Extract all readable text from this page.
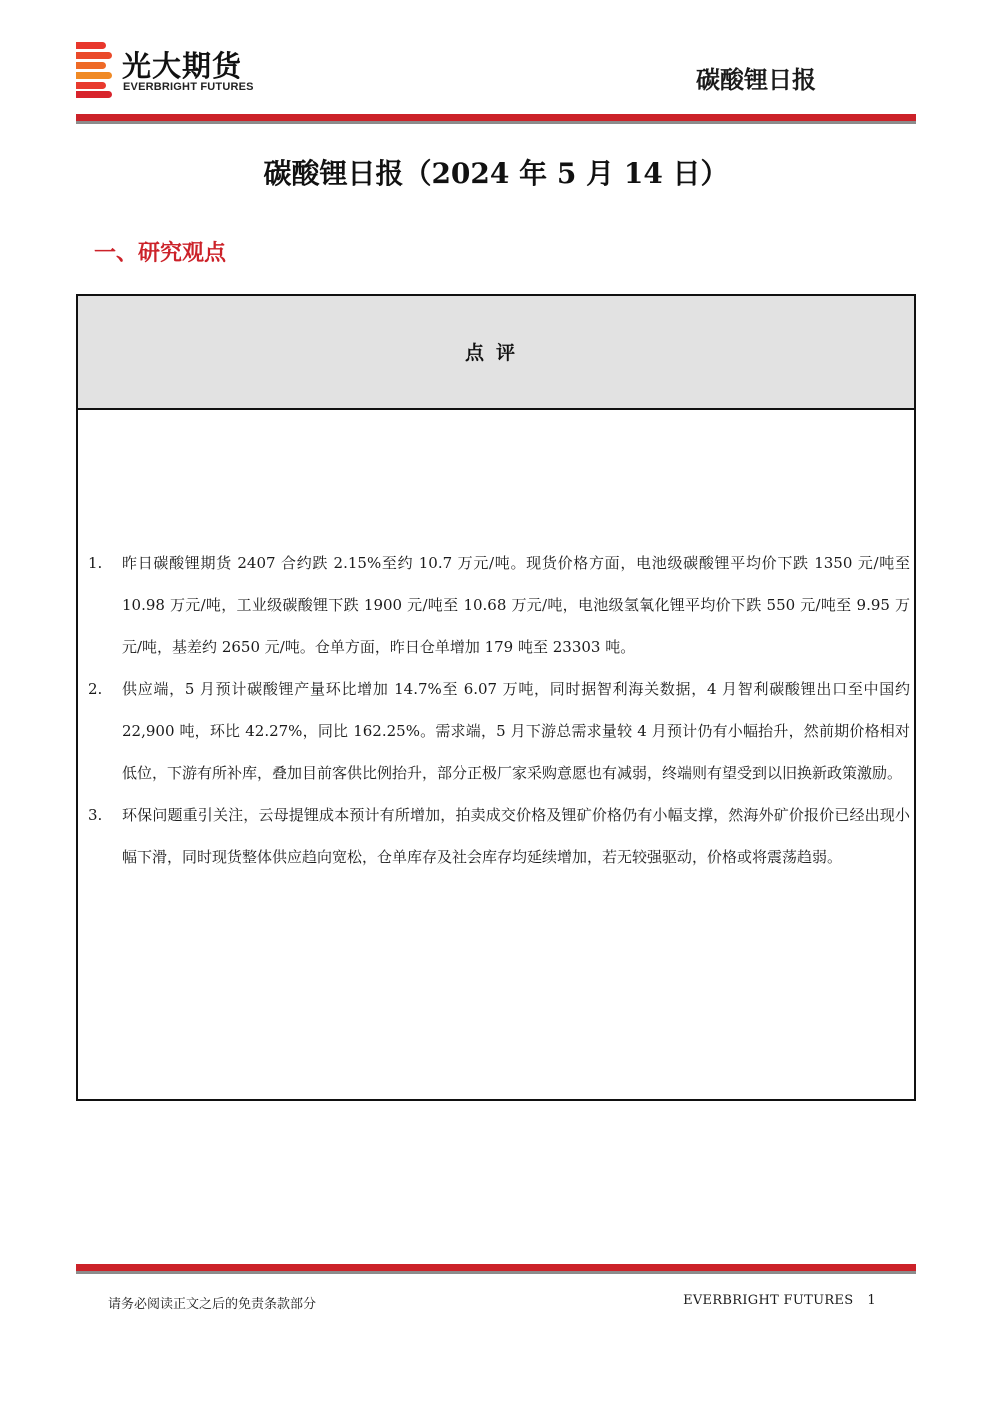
光大期货
EVERBRIGHT FUTURES	碳酸锂日报
碳酸锂日报（2024 年 5 月 14 日）
一、研究观点
点评
1. 昨日碳酸锂期货 2407 合约跌 2.15%至约 10.7 万元/吨。现货价格方面，电池级碳酸锂平均价下跌 1350 元/吨至 10.98 万元/吨，工业级碳酸锂下跌 1900 元/吨至 10.68 万元/吨，电池级氢氧化锂平均价下跌 550 元/吨至 9.95 万元/吨，基差约 2650 元/吨。仓单方面，昨日仓单增加 179 吨至 23303 吨。
2. 供应端，5 月预计碳酸锂产量环比增加 14.7%至 6.07 万吨，同时据智利海关数据，4 月智利碳酸锂出口至中国约 22,900 吨，环比 42.27%，同比 162.25%。需求端，5 月下游总需求量较 4 月预计仍有小幅抬升，然前期价格相对低位，下游有所补库，叠加目前客供比例抬升，部分正极厂家采购意愿也有减弱，终端则有望受到以旧换新政策激励。
3. 环保问题重引关注，云母提锂成本预计有所增加，拍卖成交价格及锂矿价格仍有小幅支撑，然海外矿价报价已经出现小幅下滑，同时现货整体供应趋向宽松，仓单库存及社会库存均延续增加，若无较强驱动，价格或将震荡趋弱。
请务必阅读正文之后的免责条款部分	EVERBRIGHT FUTURES 1
